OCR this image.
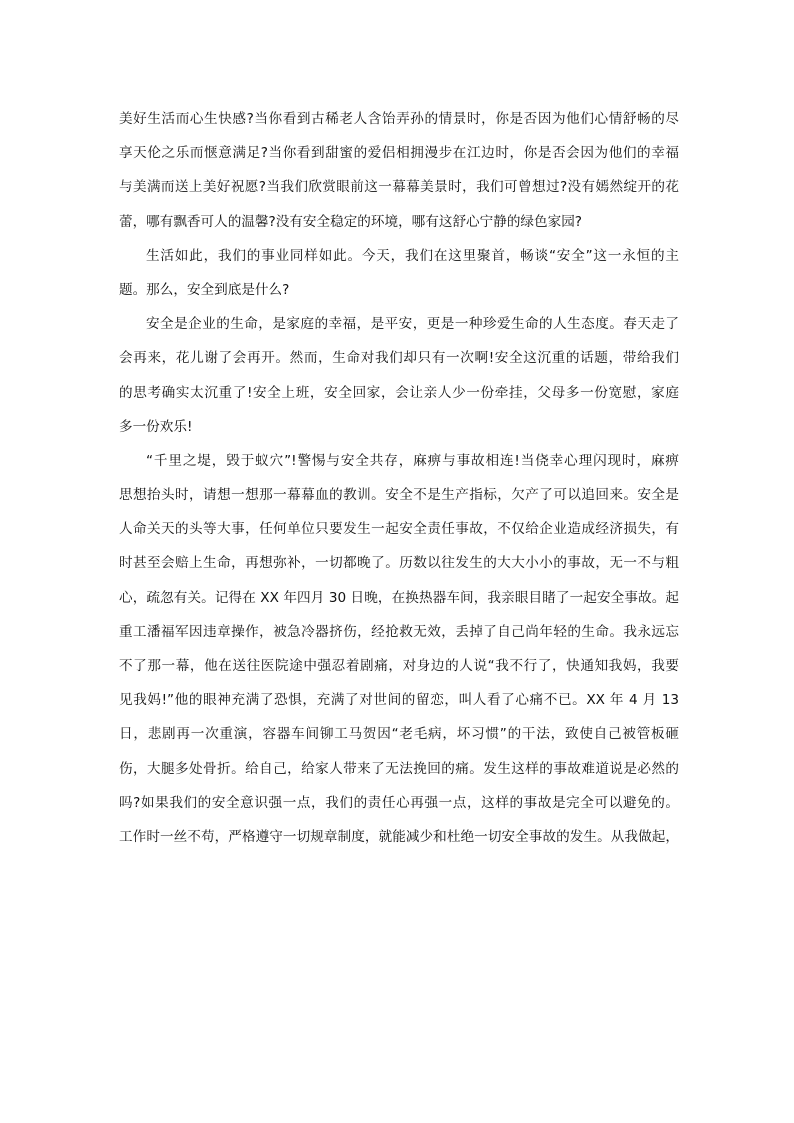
美好生活而心生快感?当你看到古稀老人含饴弄孙的情景时，你是否因为他们心情舒畅的尽
享天伦之乐而惬意满足?当你看到甜蜜的爱侣相拥漫步在江边时，你是否会因为他们的幸福
与美满而送上美好祝愿?当我们欣赏眼前这一幕幕美景时，我们可曾想过?没有嫣然绽开的花
蕾，哪有飘香可人的温馨?没有安全稳定的环境，哪有这舒心宁静的绿色家园?
生活如此，我们的事业同样如此。今天，我们在这里聚首，畅谈“安全”这一永恒的主
题。那么，安全到底是什么?
安全是企业的生命，是家庭的幸福，是平安，更是一种珍爱生命的人生态度。春天走了
会再来，花儿谢了会再开。然而，生命对我们却只有一次啊!安全这沉重的话题，带给我们
的思考确实太沉重了!安全上班，安全回家，会让亲人少一份牵挂，父母多一份宽慰，家庭
多一份欢乐!
“千里之堤，毁于蚁穴”!警惕与安全共存，麻痹与事故相连!当侥幸心理闪现时，麻痹
思想抬头时，请想一想那一幕幕血的教训。安全不是生产指标，欠产了可以追回来。安全是
人命关天的头等大事，任何单位只要发生一起安全责任事故，不仅给企业造成经济损失，有
时甚至会赔上生命，再想弥补，一切都晚了。历数以往发生的大大小小的事故，无一不与粗
心，疏忽有关。记得在 XX 年四月 30 日晚，在换热器车间，我亲眼目睹了一起安全事故。起
重工潘福军因违章操作，被急冷器挤伤，经抢救无效，丢掉了自己尚年轻的生命。我永远忘
不了那一幕，他在送往医院途中强忍着剧痛，对身边的人说“我不行了，快通知我妈，我要
见我妈!”他的眼神充满了恐惧，充满了对世间的留恋，叫人看了心痛不已。XX 年 4 月 13
日，悲剧再一次重演，容器车间铆工马贺因“老毛病，坏习惯”的干法，致使自己被管板砸
伤，大腿多处骨折。给自己，给家人带来了无法挽回的痛。发生这样的事故难道说是必然的
吗?如果我们的安全意识强一点，我们的责任心再强一点，这样的事故是完全可以避免的。
工作时一丝不苟，严格遵守一切规章制度，就能减少和杜绝一切安全事故的发生。从我做起，
